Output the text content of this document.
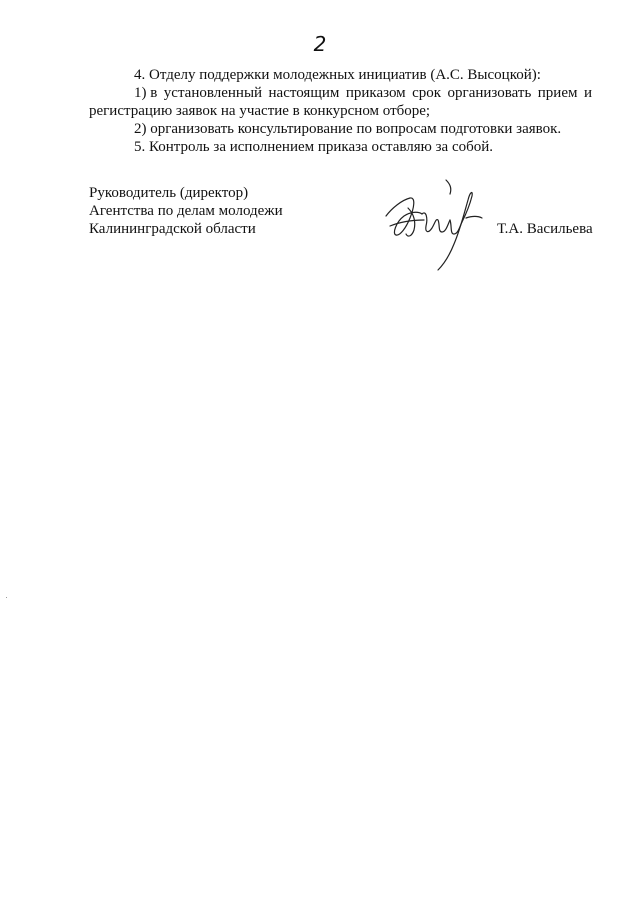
2
4. Отделу поддержки молодежных инициатив (А.С. Высоцкой):
1) в установленный настоящим приказом срок организовать прием и
регистрацию заявок на участие в конкурсном отборе;
2) организовать консультирование по вопросам подготовки заявок.
5. Контроль за исполнением приказа оставляю за собой.
Руководитель (директор)
Агентства по делам молодежи
Калининградской области	Т.А. Васильева
